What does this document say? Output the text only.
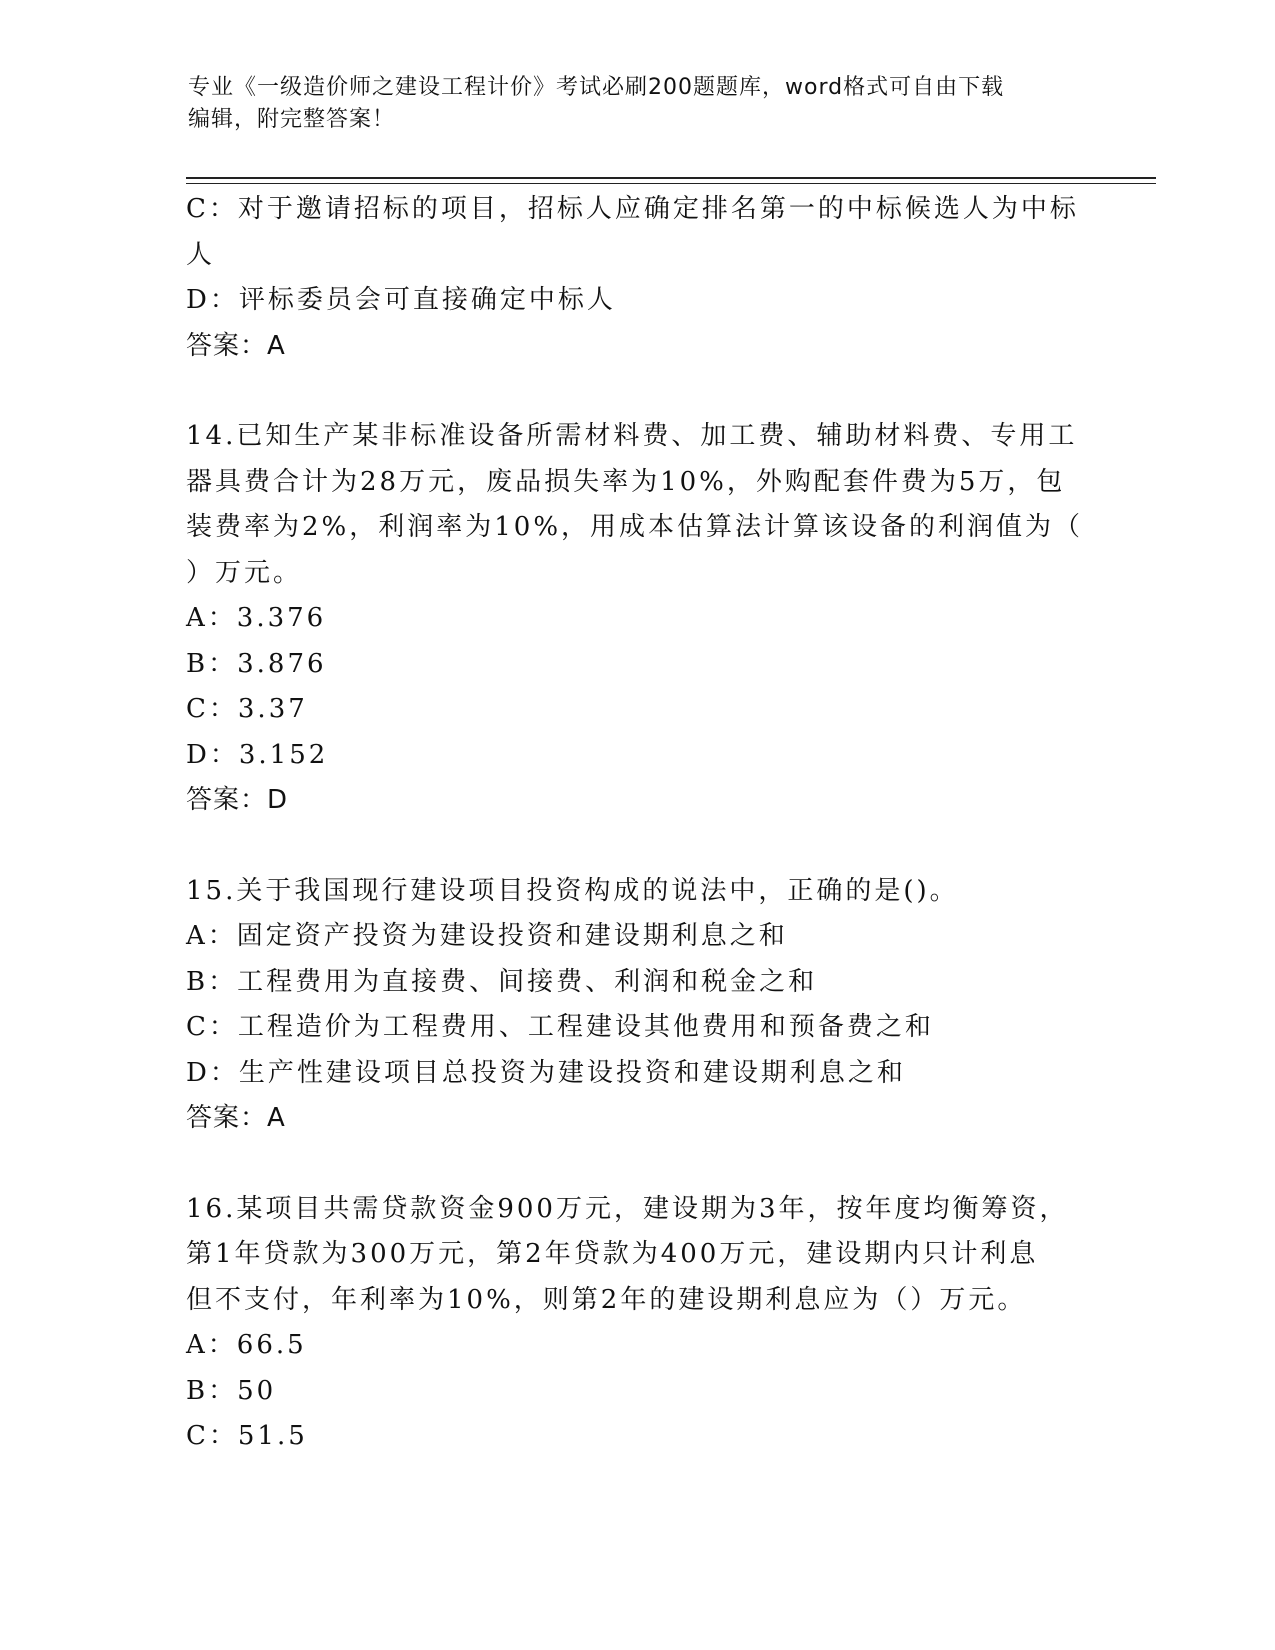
专业《一级造价师之建设工程计价》考试必刷200题题库，word格式可自由下载
编辑，附完整答案！

C：对于邀请招标的项目，招标人应确定排名第一的中标候选人为中标

人

D：评标委员会可直接确定中标人

答案：A

14.已知生产某非标准设备所需材料费、加工费、辅助材料费、专用工

器具费合计为28万元，废品损失率为10%，外购配套件费为5万，包

装费率为2%，利润率为10%，用成本估算法计算该设备的利润值为（

）万元。

A：3.376

B：3.876

C：3.37

D：3.152

答案：D

15.关于我国现行建设项目投资构成的说法中，正确的是()。

A：固定资产投资为建设投资和建设期利息之和

B：工程费用为直接费、间接费、利润和税金之和

C：工程造价为工程费用、工程建设其他费用和预备费之和

D：生产性建设项目总投资为建设投资和建设期利息之和

答案：A

16.某项目共需贷款资金900万元，建设期为3年，按年度均衡筹资，

第1年贷款为300万元，第2年贷款为400万元，建设期内只计利息

但不支付，年利率为10%，则第2年的建设期利息应为（）万元。

A：66.5

B：50

C：51.5
